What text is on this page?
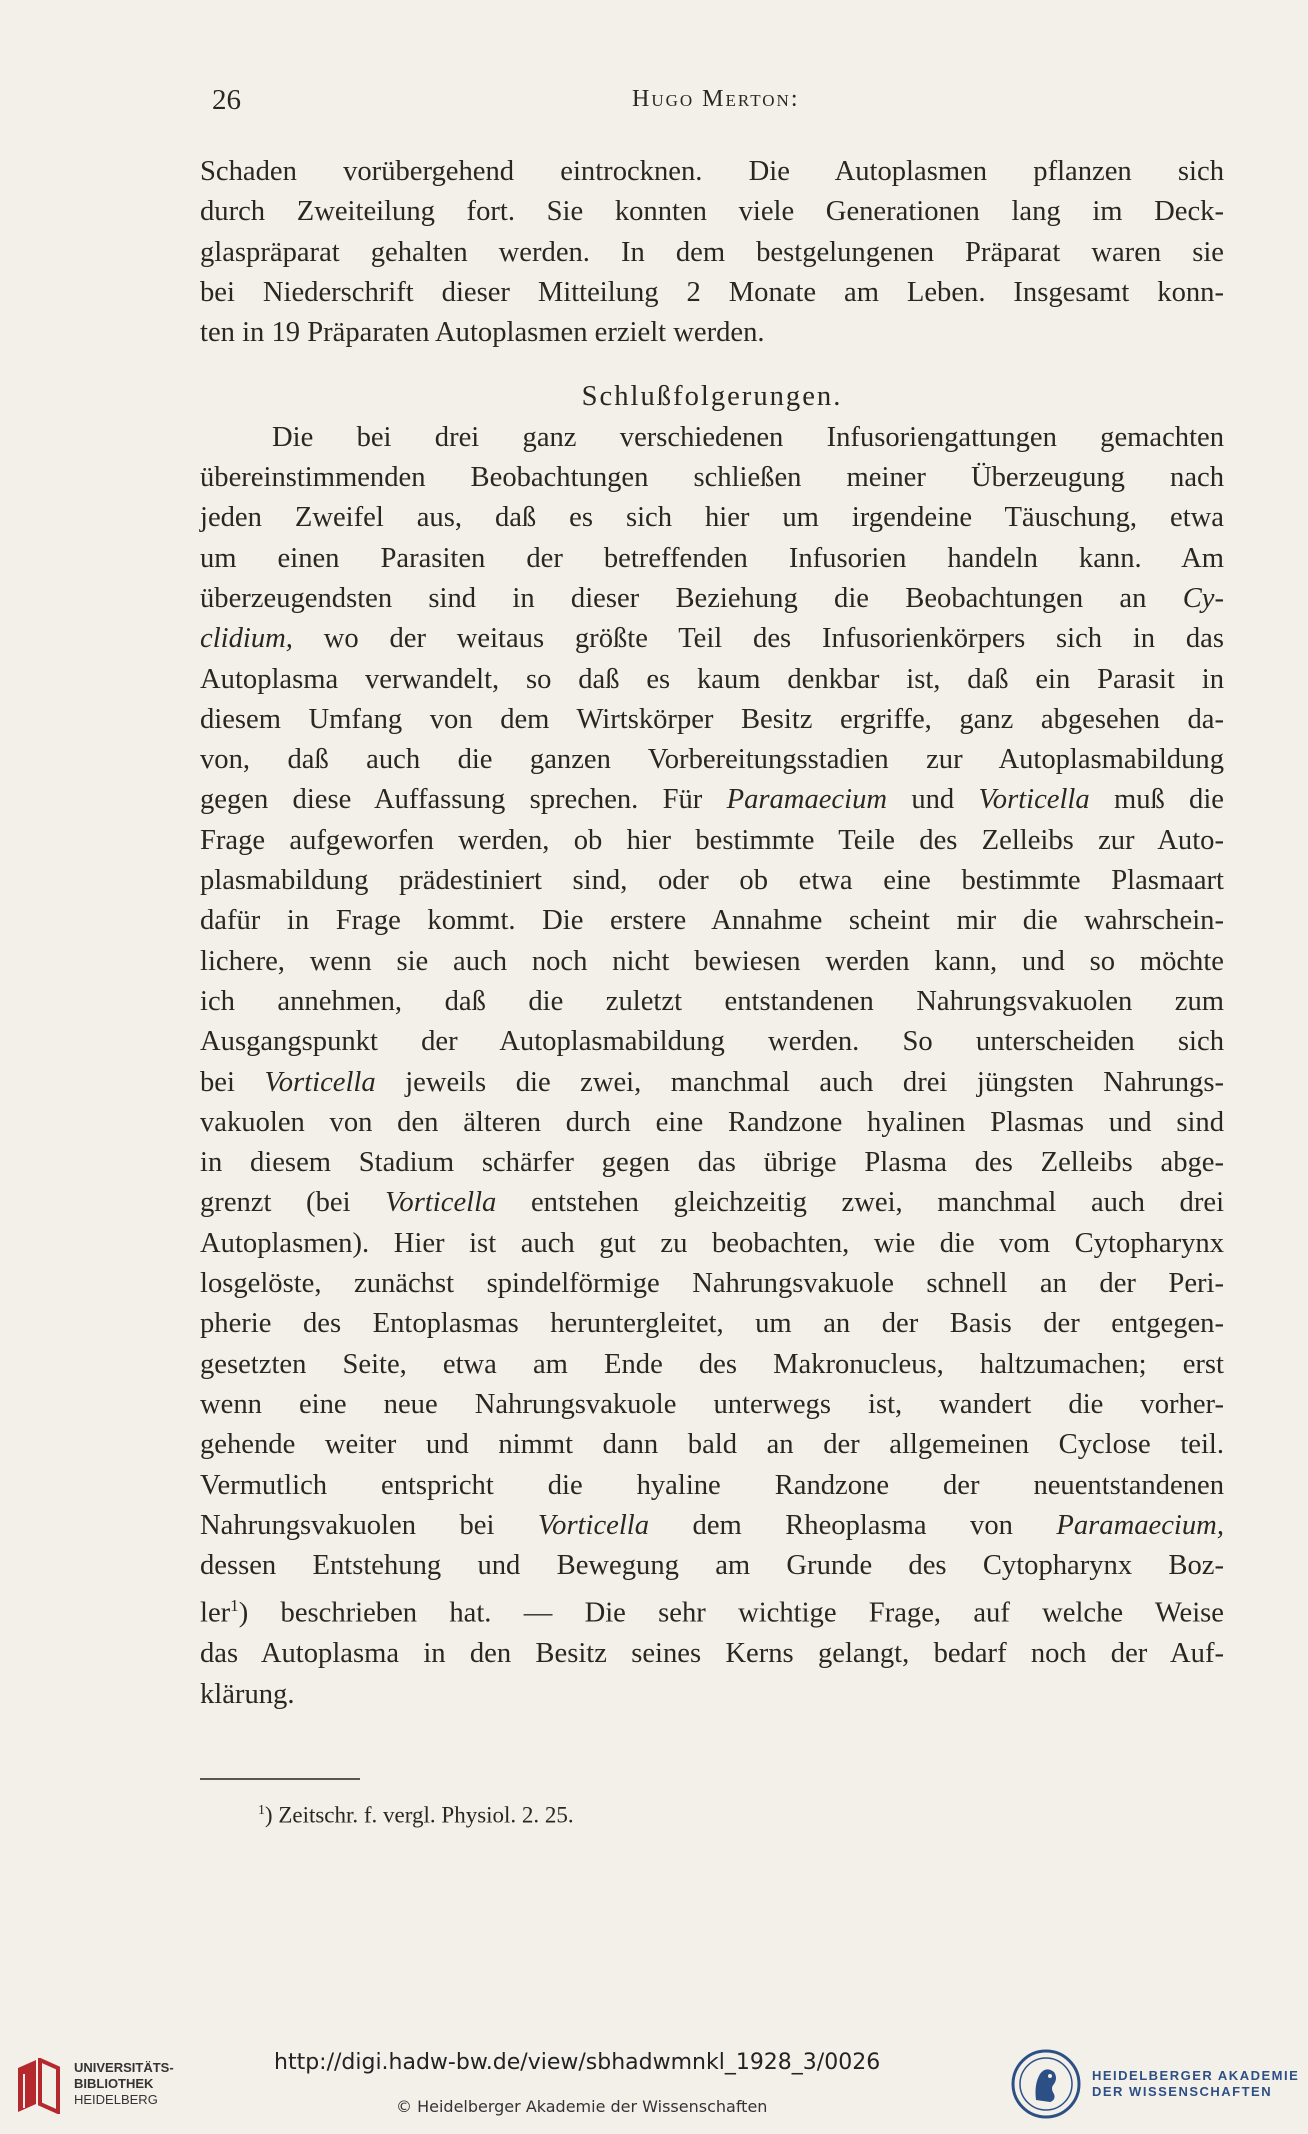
26	Hugo Merton:

Schaden vorübergehend eintrocknen. Die Autoplasmen pflanzen sich
durch Zweiteilung fort. Sie konnten viele Generationen lang im Deck-
glaspräparat gehalten werden. In dem bestgelungenen Präparat waren sie
bei Niederschrift dieser Mitteilung 2 Monate am Leben. Insgesamt konn-
ten in 19 Präparaten Autoplasmen erzielt werden.

Schlußfolgerungen.

Die bei drei ganz verschiedenen Infusoriengattungen gemachten
übereinstimmenden Beobachtungen schließen meiner Überzeugung nach
jeden Zweifel aus, daß es sich hier um irgendeine Täuschung, etwa
um einen Parasiten der betreffenden Infusorien handeln kann. Am
überzeugendsten sind in dieser Beziehung die Beobachtungen an Cy-
clidium, wo der weitaus größte Teil des Infusorienkörpers sich in das
Autoplasma verwandelt, so daß es kaum denkbar ist, daß ein Parasit in
diesem Umfang von dem Wirtskörper Besitz ergriffe, ganz abgesehen da-
von, daß auch die ganzen Vorbereitungsstadien zur Autoplasmabildung
gegen diese Auffassung sprechen. Für Paramaecium und Vorticella muß die
Frage aufgeworfen werden, ob hier bestimmte Teile des Zelleibs zur Auto-
plasmabildung prädestiniert sind, oder ob etwa eine bestimmte Plasmaart
dafür in Frage kommt. Die erstere Annahme scheint mir die wahrschein-
lichere, wenn sie auch noch nicht bewiesen werden kann, und so möchte
ich annehmen, daß die zuletzt entstandenen Nahrungsvakuolen zum
Ausgangspunkt der Autoplasmabildung werden. So unterscheiden sich
bei Vorticella jeweils die zwei, manchmal auch drei jüngsten Nahrungs-
vakuolen von den älteren durch eine Randzone hyalinen Plasmas und sind
in diesem Stadium schärfer gegen das übrige Plasma des Zelleibs abge-
grenzt (bei Vorticella entstehen gleichzeitig zwei, manchmal auch drei
Autoplasmen). Hier ist auch gut zu beobachten, wie die vom Cytopharynx
losgelöste, zunächst spindelförmige Nahrungsvakuole schnell an der Peri-
pherie des Entoplasmas heruntergleitet, um an der Basis der entgegen-
gesetzten Seite, etwa am Ende des Makronucleus, haltzumachen; erst
wenn eine neue Nahrungsvakuole unterwegs ist, wandert die vorher-
gehende weiter und nimmt dann bald an der allgemeinen Cyclose teil.
Vermutlich entspricht die hyaline Randzone der neuentstandenen
Nahrungsvakuolen bei Vorticella dem Rheoplasma von Paramaecium,
dessen Entstehung und Bewegung am Grunde des Cytopharynx Boz-
ler$^1$) beschrieben hat. — Die sehr wichtige Frage, auf welche Weise
das Autoplasma in den Besitz seines Kerns gelangt, bedarf noch der Auf-
klärung.

$^1$) Zeitschr. f. vergl. Physiol. 2. 25.
UNIVERSITÄTS-
BIBLIOTHEK
HEIDELBERG
http://digi.hadw-bw.de/view/sbhadwmnkl_1928_3/0026
© Heidelberger Akademie der Wissenschaften
HEIDELBERGER AKADEMIE
DER WISSENSCHAFTEN
